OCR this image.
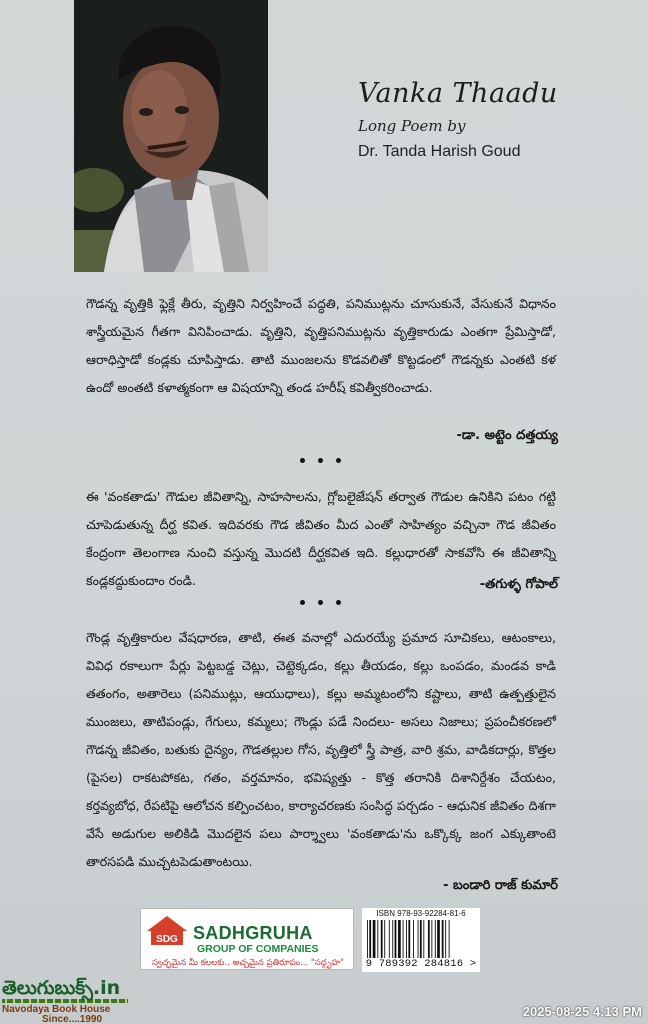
Vanka Thaadu
Long Poem by
Dr. Tanda Harish Goud

గౌడన్న వృత్తికి ఫ్లెక్లే తీరు, వృత్తిని నిర్వహించే పద్ధతి, పనిముట్లను చూసుకునే, వేసుకునే విధానం శాస్త్రీయమైన గీతగా వినిపించాడు. వృత్తిని, వృత్తిపనిముట్లను వృత్తికారుడు ఎంతగా ప్రేమిస్తాడో, ఆరాధిస్తాడో కండ్లకు చూపిస్తాడు. తాటి ముంజలను కొడవలితో కొట్టడంలో గౌడన్నకు ఎంతటి కళ ఉందో అంతటి కళాత్మకంగా ఆ విషయాన్ని తండ హరీష్ కవిత్వీకరించాడు.

-డా. అట్టెం దత్తయ్య

ఈ 'వంకతాడు' గౌడుల జీవితాన్ని, సాహసాలను, గ్లోబలైజేషన్ తర్వాత గౌడుల ఉనికిని పటం గట్టి చూపెడుతున్న దీర్ఘ కవిత. ఇదివరకు గౌడ జీవితం మీద ఎంతో సాహిత్యం వచ్చినా గౌడ జీవితం కేంద్రంగా తెలంగాణ నుంచి వస్తున్న మొదటి దీర్ఘకవిత ఇది. కల్లుధారతో సాకవోసి ఈ జీవితాన్ని కండ్లకద్దుకుందాం రండి.	-తగుళ్ళ గోపాల్

గౌండ్ల వృత్తికారుల వేషధారణ, తాటి, ఈత వనాల్లో ఎదురయ్యే ప్రమాద సూచికలు, ఆటంకాలు, వివిధ రకాలుగా పేర్లు పెట్టబడ్డ చెట్లు, చెట్టెక్కడం, కల్లు తీయడం, కల్లు ఒంపడం, మండవ కాడి తతంగం, అతారెలు (పనిముట్లు, ఆయుధాలు), కల్లు అమ్మటంలోని కష్టాలు, తాటి ఉత్పత్తులైన ముంజలు, తాటిపండ్లు, గేగులు, కమ్మలు; గౌండ్లు పడే నిందలు- అసలు నిజాలు; ప్రపంచీకరణలో గౌడన్న జీవితం, బతుకు దైన్యం, గౌడతల్లుల గోస, వృత్తిలో స్త్రీ పాత్ర, వారి శ్రమ, వాడికదార్లు, కొత్తల (పైసల) రాకటపోకట, గతం, వర్తమానం, భవిష్యత్తు - కొత్త తరానికి దిశానిర్దేశం చేయటం, కర్తవ్యబోధ, రేపటిపై ఆలోచన కల్పించటం, కార్యాచరణకు సంసిద్ధ పర్చడం - ఆధునిక జీవితం దిశగా వేసే అడుగుల అలికిడి మొదలైన పలు పార్శ్వాలు 'వంకతాడు'ను ఒక్కొక్క జంగ ఎక్కుతాంటె తారసపడి ముచ్చటపెడుతాంటయి.

- బండారి రాజ్ కుమార్
SDG SADHGRUHA
GROUP OF COMPANIES
స్వచ్ఛమైన మీ కలలకు.. అచ్చమైన ప్రతిరూపం... "సద్గృహ"
ISBN 978-93-92284-81-6
9 789392 284816 >
తెలుగుబుక్స్.in
Navodaya Book House
Since....1990
2025-08-25 4:13 PM
